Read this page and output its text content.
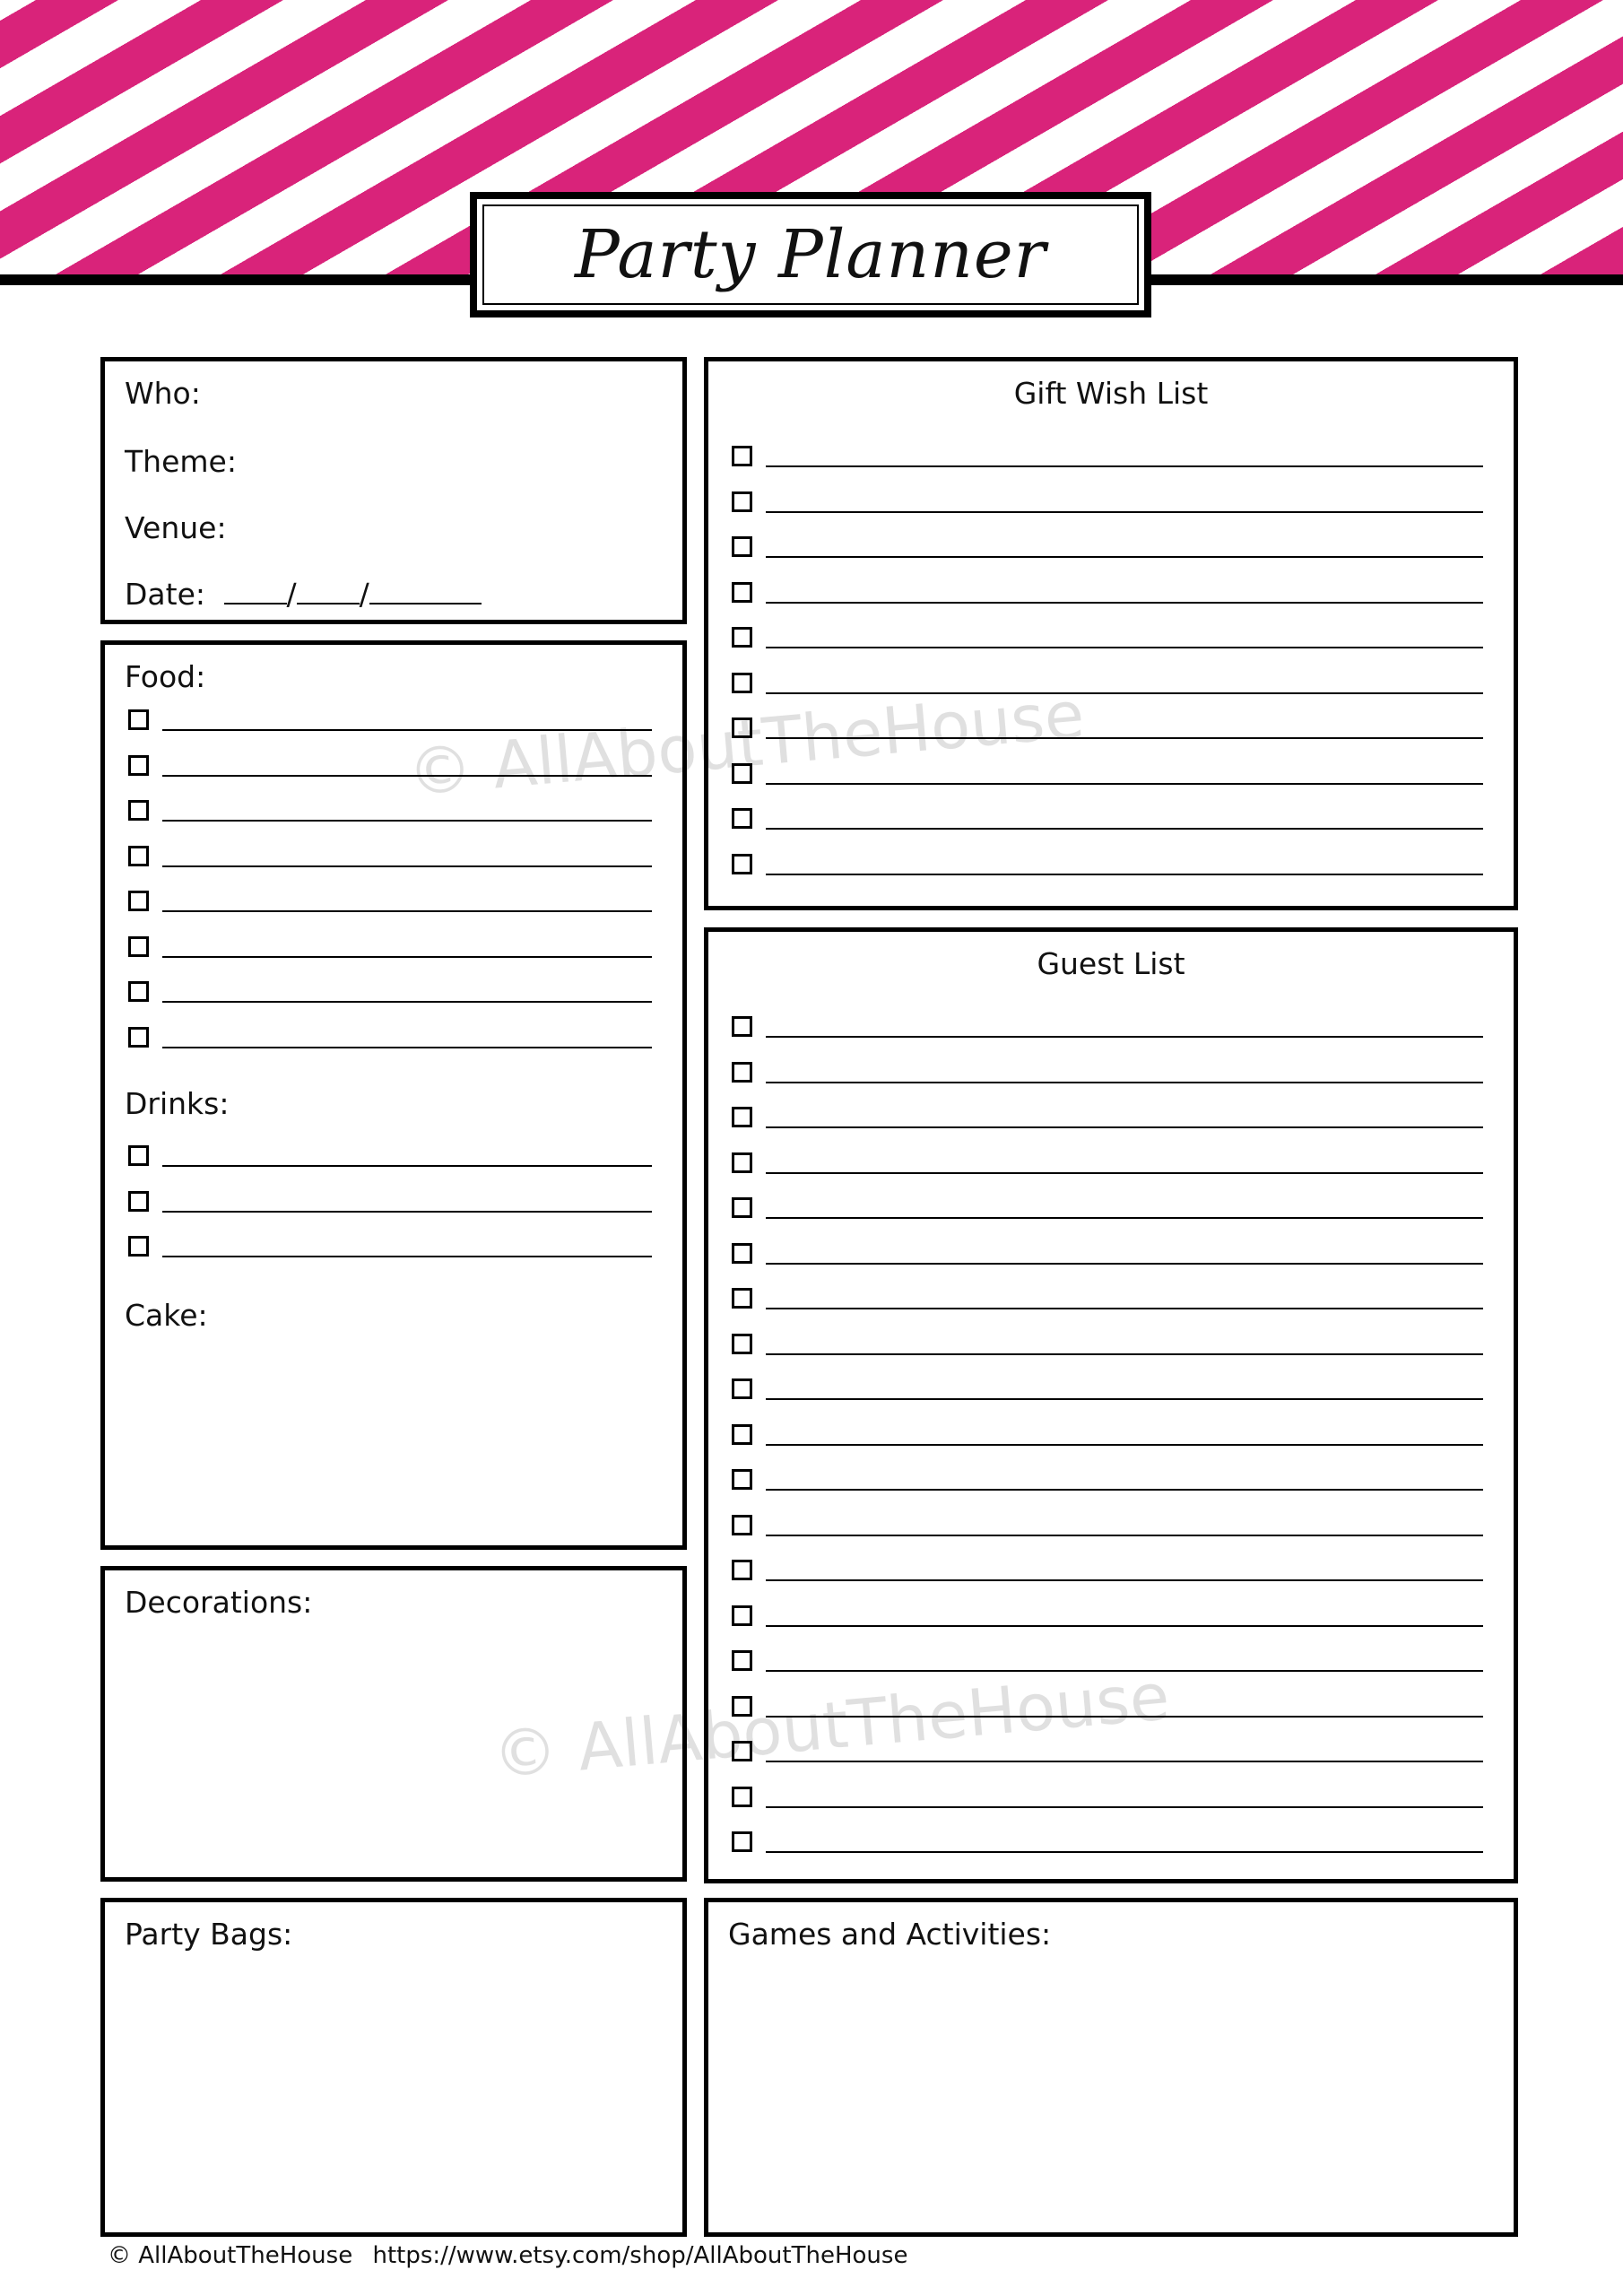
Party Planner
Who:
Theme:
Venue:
Date:	/ /
Food:
Drinks:
Cake:
Decorations:
Party Bags:
Gift Wish List
Guest List
Games and Activities:
© AllAboutTheHouse
© AllAboutTheHouse
© AllAboutTheHouse https://www.etsy.com/shop/AllAboutTheHouse
